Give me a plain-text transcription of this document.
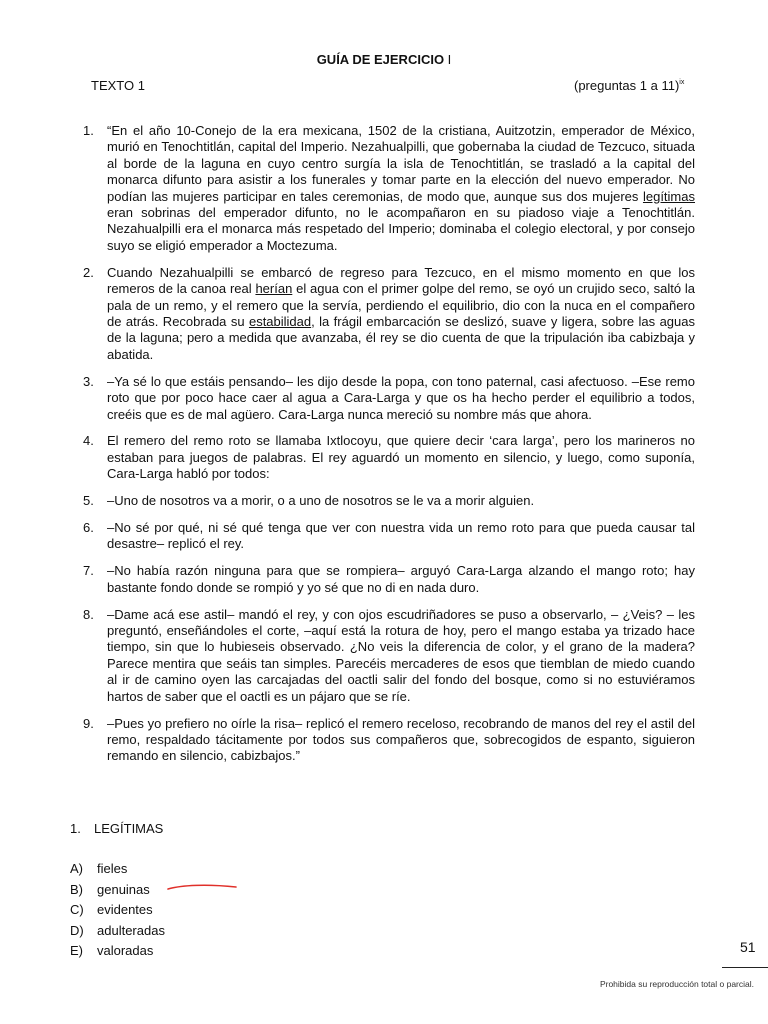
GUÍA DE EJERCICIO I
TEXTO 1	(preguntas 1 a 11)$^{ix}$
1. “En el año 10-Conejo de la era mexicana, 1502 de la cristiana, Auitzotzin, emperador de México, murió en Tenochtitlán, capital del Imperio. Nezahualpilli, que gobernaba la ciudad de Tezcuco, situada al borde de la laguna en cuyo centro surgía la isla de Tenochtitlán, se trasladó a la capital del monarca difunto para asistir a los funerales y tomar parte en la elección del nuevo emperador. No podían las mujeres participar en tales ceremonias, de modo que, aunque sus dos mujeres legítimas eran sobrinas del emperador difunto, no le acompañaron en su piadoso viaje a Tenochtitlán. Nezahualpilli era el monarca más respetado del Imperio; dominaba el colegio electoral, y por consejo suyo se eligió emperador a Moctezuma.
2. Cuando Nezahualpilli se embarcó de regreso para Tezcuco, en el mismo momento en que los remeros de la canoa real herían el agua con el primer golpe del remo, se oyó un crujido seco, saltó la pala de un remo, y el remero que la servía, perdiendo el equilibrio, dio con la nuca en el compañero de atrás. Recobrada su estabilidad, la frágil embarcación se deslizó, suave y ligera, sobre las aguas de la laguna; pero a medida que avanzaba, él rey se dio cuenta de que la tripulación iba cabizbaja y abatida.
3. –Ya sé lo que estáis pensando– les dijo desde la popa, con tono paternal, casi afectuoso. –Ese remo roto que por poco hace caer al agua a Cara-Larga y que os ha hecho perder el equilibrio a todos, creéis que es de mal agüero. Cara-Larga nunca mereció su nombre más que ahora.
4. El remero del remo roto se llamaba Ixtlocoyu, que quiere decir ‘cara larga’, pero los marineros no estaban para juegos de palabras. El rey aguardó un momento en silencio, y luego, como suponía, Cara-Larga habló por todos:
5. –Uno de nosotros va a morir, o a uno de nosotros se le va a morir alguien.
6. –No sé por qué, ni sé qué tenga que ver con nuestra vida un remo roto para que pueda causar tal desastre– replicó el rey.
7. –No había razón ninguna para que se rompiera– arguyó Cara-Larga alzando el mango roto; hay bastante fondo donde se rompió y yo sé que no di en nada duro.
8. –Dame acá ese astil– mandó el rey, y con ojos escudriñadores se puso a observarlo, – ¿Veis? – les preguntó, enseñándoles el corte, –aquí está la rotura de hoy, pero el mango estaba ya trizado hace tiempo, sin que lo hubieseis observado. ¿No veis la diferencia de color, y el grano de la madera? Parece mentira que seáis tan simples. Parecéis mercaderes de esos que tiemblan de miedo cuando al ir de camino oyen las carcajadas del oactli salir del fondo del bosque, como si no estuviéramos hartos de saber que el oactli es un pájaro que se ríe.
9. –Pues yo prefiero no oírle la risa– replicó el remero receloso, recobrando de manos del rey el astil del remo, respaldado tácitamente por todos sus compañeros que, sobrecogidos de espanto, siguieron remando en silencio, cabizbajos.”
1. LEGÍTIMAS
A) fieles
B) genuinas
C) evidentes
D) adulteradas
E) valoradas	51
Prohibida su reproducción total o parcial.
